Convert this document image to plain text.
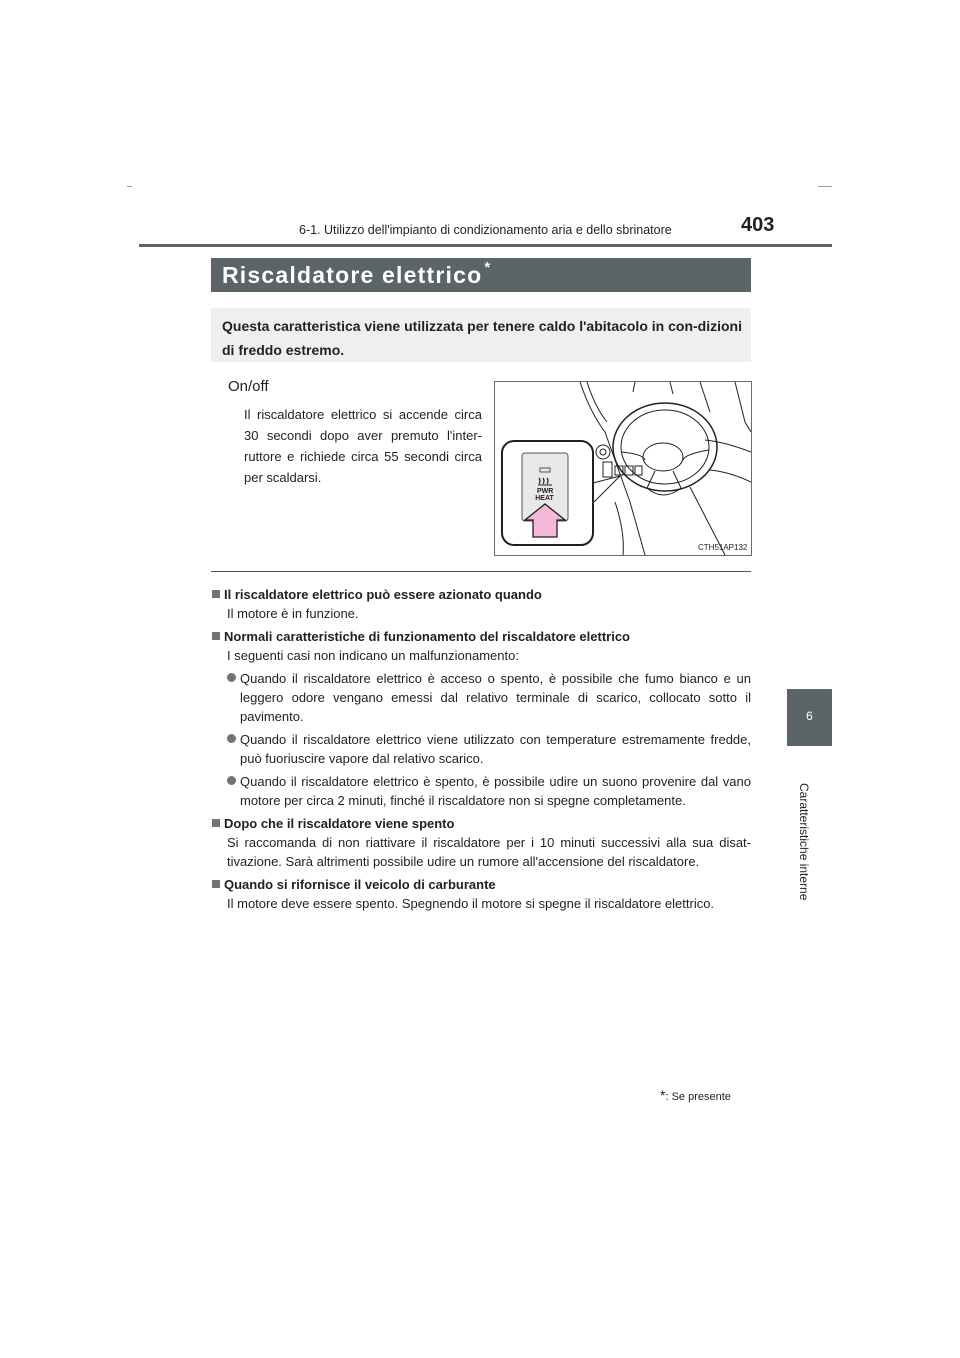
6-1. Utilizzo dell'impianto di condizionamento aria e dello sbrinatore	403
6
Caratteristiche interne
Riscaldatore elettrico *
Questa caratteristica viene utilizzata per tenere caldo l'abitacolo in con-dizioni di freddo estremo.
On/off
Il riscaldatore elettrico si accende circa 30 secondi dopo aver premuto l'inter-ruttore e richiede circa 55 secondi circa per scaldarsi.
PWR
HEAT
CTH51AP132
Il riscaldatore elettrico può essere azionato quando
Il motore è in funzione.
Normali caratteristiche di funzionamento del riscaldatore elettrico
I seguenti casi non indicano un malfunzionamento:
Quando il riscaldatore elettrico è acceso o spento, è possibile che fumo bianco e un leggero odore vengano emessi dal relativo terminale di scarico, collocato sotto il pavimento.
Quando il riscaldatore elettrico viene utilizzato con temperature estremamente fredde, può fuoriuscire vapore dal relativo scarico.
Quando il riscaldatore elettrico è spento, è possibile udire un suono provenire dal vano motore per circa 2 minuti, finché il riscaldatore non si spegne completamente.
Dopo che il riscaldatore viene spento
Si raccomanda di non riattivare il riscaldatore per i 10 minuti successivi alla sua disat-tivazione. Sarà altrimenti possibile udire un rumore all'accensione del riscaldatore.
Quando si rifornisce il veicolo di carburante
Il motore deve essere spento. Spegnendo il motore si spegne il riscaldatore elettrico.
*: Se presente
